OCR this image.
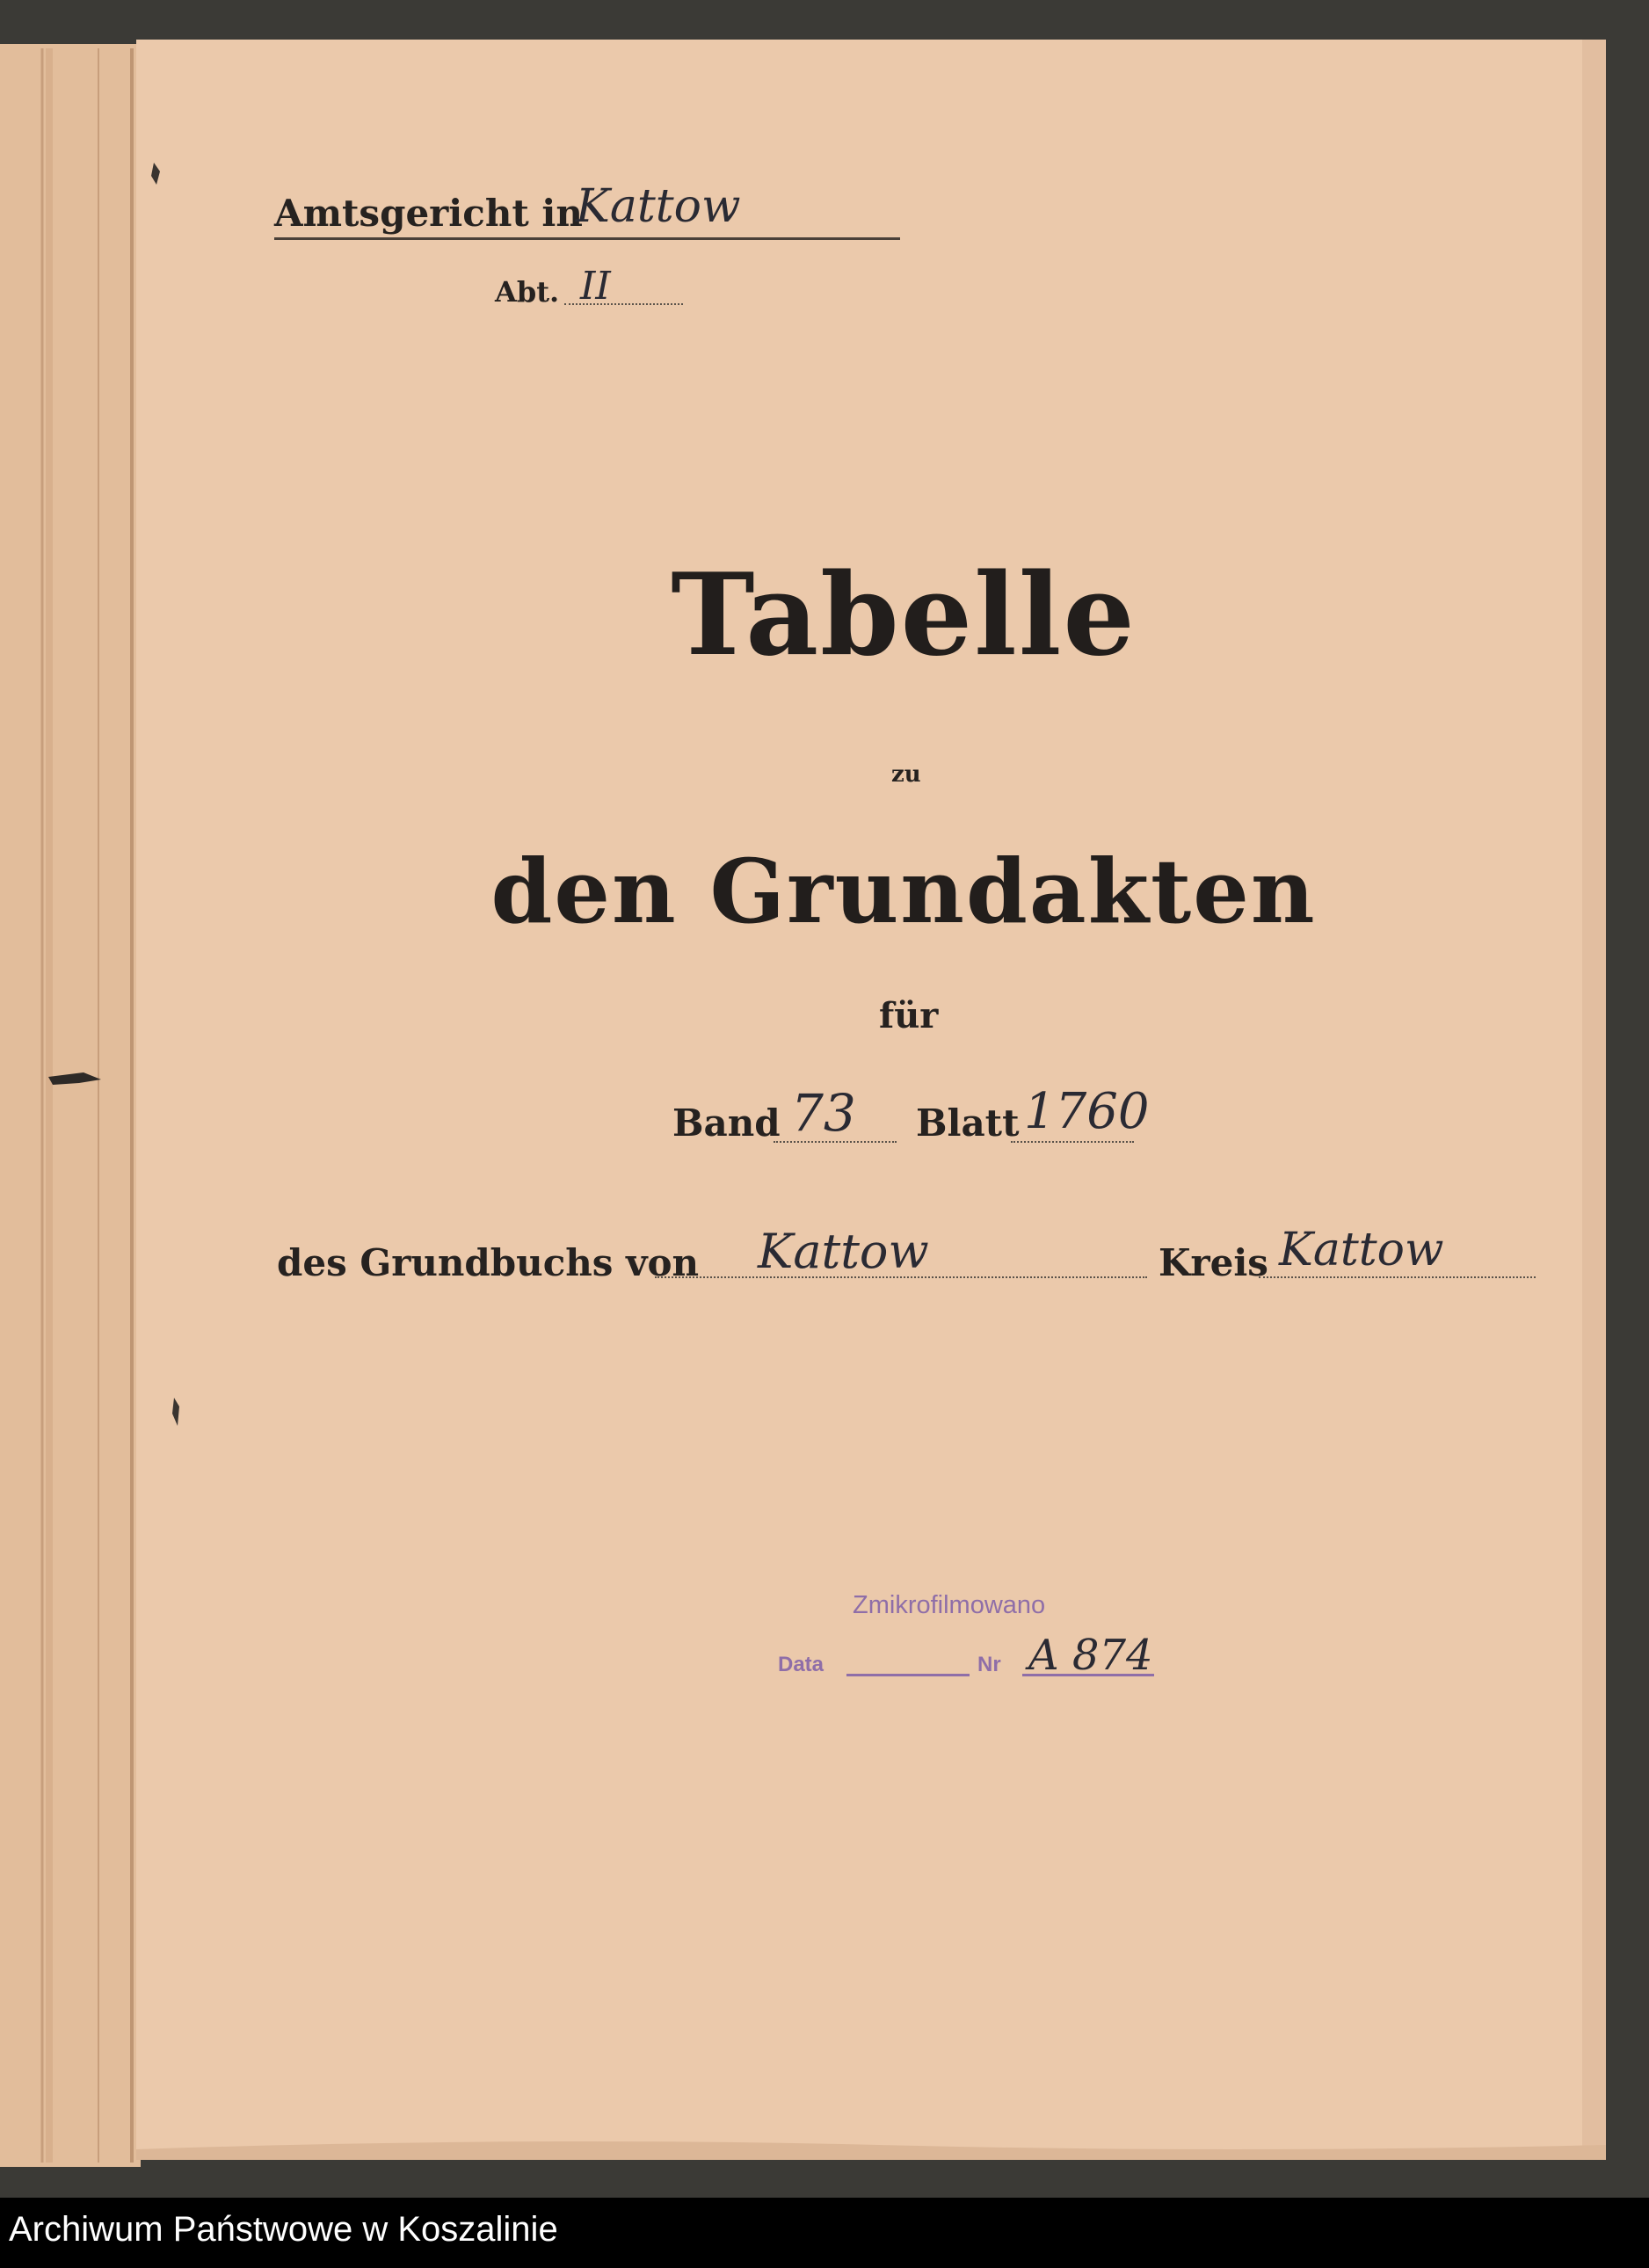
Amtsgericht in
Kattow
Abt. II
Tabelle
zu
den Grundakten
für
Band 73 Blatt 1760
des Grundbuchs von Kattow	Kreis Kattow
Zmikrofilmowano
Data	Nr A 874
Archiwum Państwowe w Koszalinie
